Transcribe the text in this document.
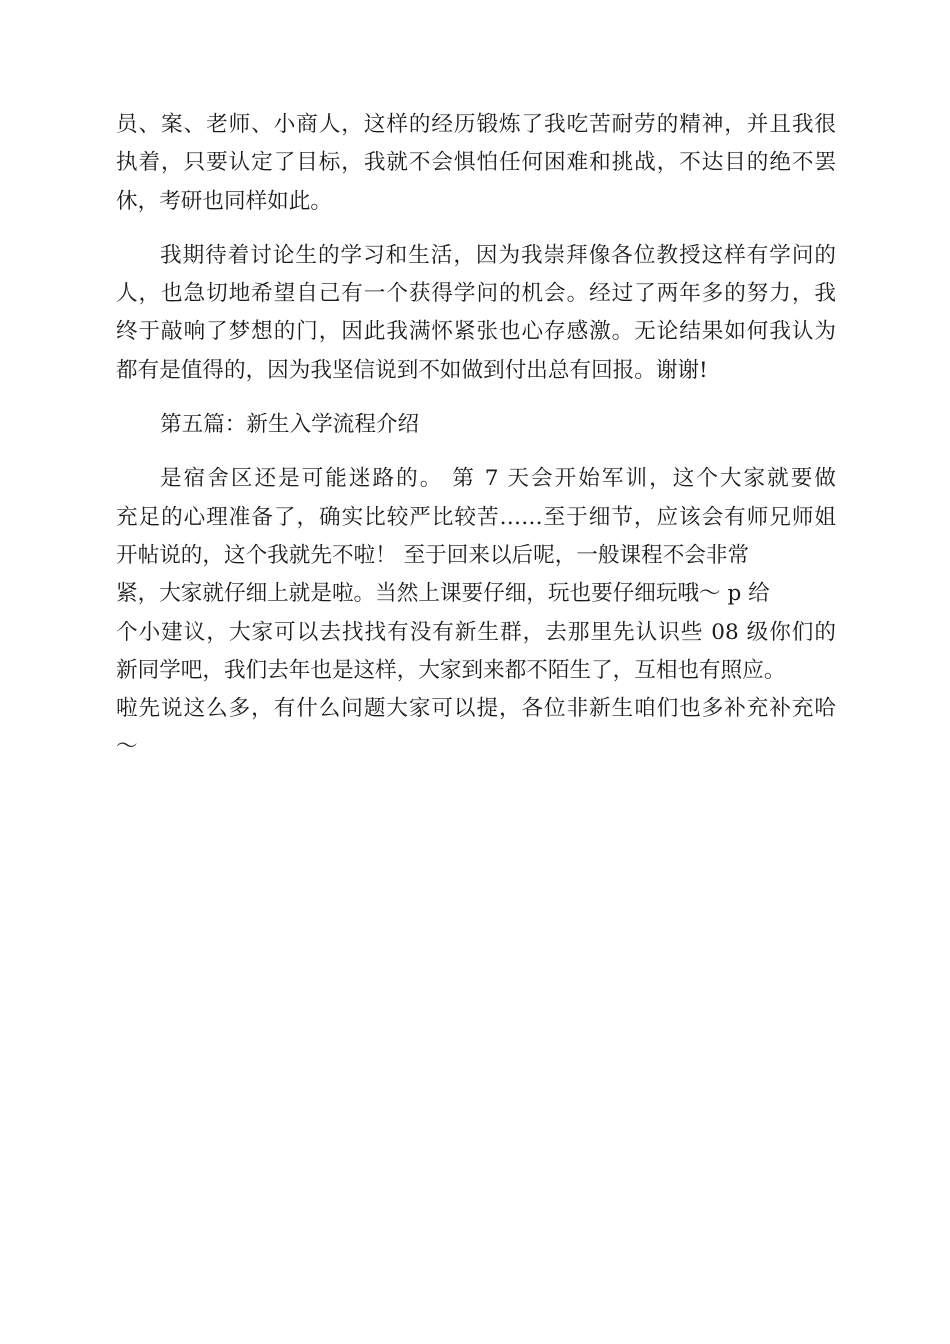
员、案、老师、小商人，这样的经历锻炼了我吃苦耐劳的精神，并且我很
执着，只要认定了目标，我就不会惧怕任何困难和挑战，不达目的绝不罢
休，考研也同样如此。
我期待着讨论生的学习和生活，因为我崇拜像各位教授这样有学问的
人，也急切地希望自己有一个获得学问的机会。经过了两年多的努力，我
终于敲响了梦想的门，因此我满怀紧张也心存感激。无论结果如何我认为
都有是值得的，因为我坚信说到不如做到付出总有回报。谢谢!
第五篇：新生入学流程介绍
是宿舍区还是可能迷路的。 第 7 天会开始军训，这个大家就要做
充足的心理准备了，确实比较严比较苦……至于细节，应该会有师兄师姐
开帖说的，这个我就先不啦！ 至于回来以后呢，一般课程不会非常
紧，大家就仔细上就是啦。当然上课要仔细，玩也要仔细玩哦～ p 给
个小建议，大家可以去找找有没有新生群，去那里先认识些 08 级你们的
新同学吧，我们去年也是这样，大家到来都不陌生了，互相也有照应。
啦先说这么多，有什么问题大家可以提，各位非新生咱们也多补充补充哈
～
